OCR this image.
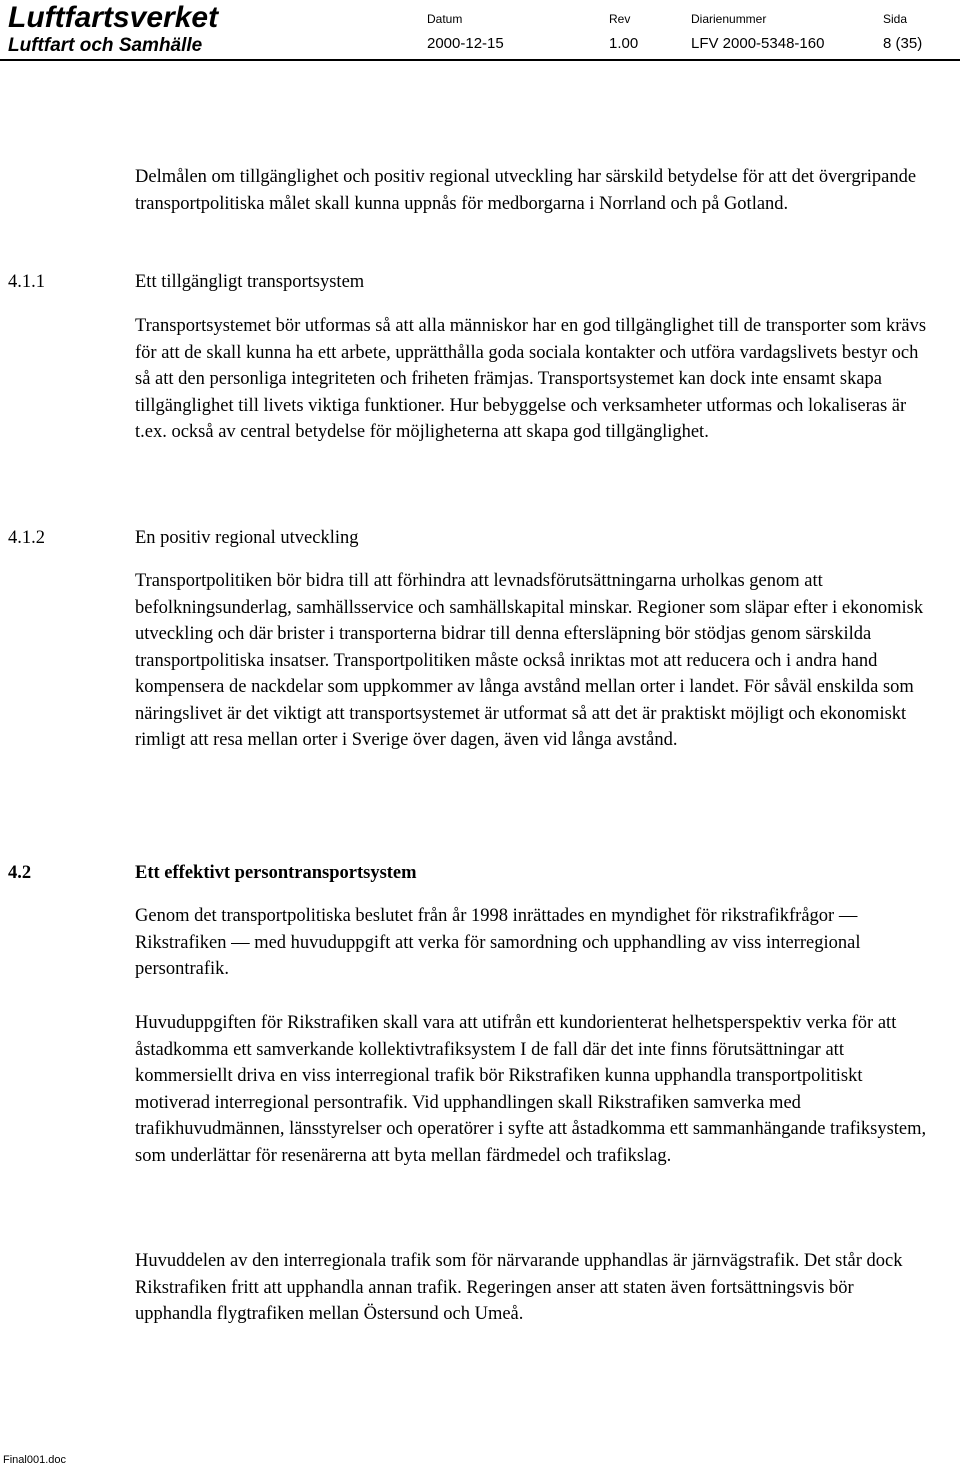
Luftfartsverket
Luftfart och Samhälle
Datum
2000-12-15
Rev
1.00
Diarienummer
LFV 2000-5348-160
Sida
8 (35)

Delmålen om tillgänglighet och positiv regional utveckling har särskild betydelse för att det övergripande transportpolitiska målet skall kunna uppnås för medborgarna i Norrland och på Gotland.

4.1.1	Ett tillgängligt transportsystem

Transportsystemet bör utformas så att alla människor har en god tillgänglighet till de transporter som krävs för att de skall kunna ha ett arbete, upprätthålla goda sociala kontakter och utföra vardagslivets bestyr och så att den personliga integriteten och friheten främjas. Transportsystemet kan dock inte ensamt skapa tillgänglighet till livets viktiga funktioner. Hur bebyggelse och verksamheter utformas och lokaliseras är t.ex. också av central betydelse för möjligheterna att skapa god tillgänglighet.

4.1.2	En positiv regional utveckling

Transportpolitiken bör bidra till att förhindra att levnadsförutsättningarna urholkas genom att befolkningsunderlag, samhällsservice och samhällskapital minskar. Regioner som släpar efter i ekonomisk utveckling och där brister i transporterna bidrar till denna eftersläpning bör stödjas genom särskilda transportpolitiska insatser. Transportpolitiken måste också inriktas mot att reducera och i andra hand kompensera de nackdelar som uppkommer av långa avstånd mellan orter i landet. För såväl enskilda som näringslivet är det viktigt att transportsystemet är utformat så att det är praktiskt möjligt och ekonomiskt rimligt att resa mellan orter i Sverige över dagen, även vid långa avstånd.

4.2	Ett effektivt persontransportsystem

Genom det transportpolitiska beslutet från år 1998 inrättades en myndighet för rikstrafikfrågor — Rikstrafiken — med huvuduppgift att verka för samordning och upphandling av viss interregional persontrafik.

Huvuduppgiften för Rikstrafiken skall vara att utifrån ett kundorienterat helhetsperspektiv verka för att åstadkomma ett samverkande kollektivtrafiksystem I de fall där det inte finns förutsättningar att kommersiellt driva en viss interregional trafik bör Rikstrafiken kunna upphandla transportpolitiskt motiverad interregional persontrafik. Vid upphandlingen skall Rikstrafiken samverka med trafikhuvudmännen, länsstyrelser och operatörer i syfte att åstadkomma ett sammanhängande trafiksystem, som underlättar för resenärerna att byta mellan färdmedel och trafikslag.

Huvuddelen av den interregionala trafik som för närvarande upphandlas är järnvägstrafik. Det står dock Rikstrafiken fritt att upphandla annan trafik. Regeringen anser att staten även fortsättningsvis bör upphandla flygtrafiken mellan Östersund och Umeå.

Final001.doc
